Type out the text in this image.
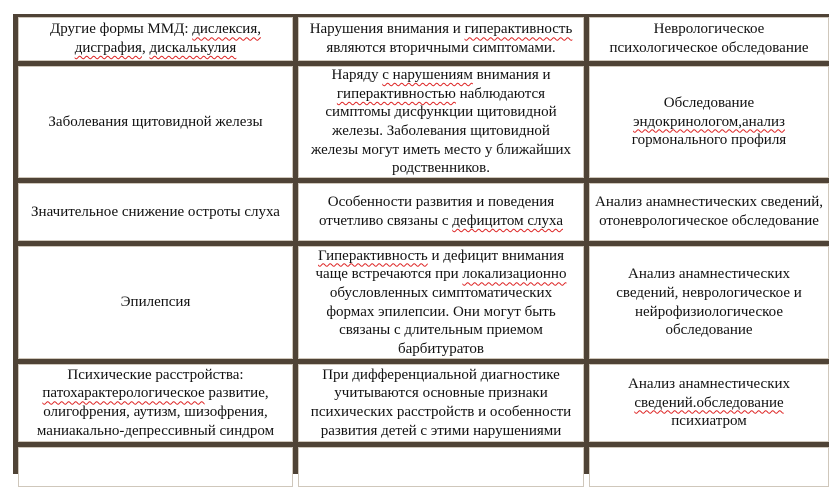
Другие формы ММД: дислексия, дисграфия, дискалькулия
Нарушения внимания и гиперактивность являются вторичными симптомами.
Неврологическое психологическое обследование
Заболевания щитовидной железы
Наряду с нарушениям внимания и гиперактивностью наблюдаются симптомы дисфункции щитовидной железы. Заболевания щитовидной железы могут иметь место у ближайших родственников.
Обследование эндокринологом,анализ гормонального профиля
Значительное снижение остроты слуха
Особенности развития и поведения отчетливо связаны с дефицитом слуха
Анализ анамнестических сведений, отоневрологическое обследование
Эпилепсия
Гиперактивность и дефицит внимания чаще встречаются при локализационно обусловленных симптоматических формах эпилепсии. Они могут быть связаны с длительным приемом барбитуратов
Анализ анамнестических сведений, неврологическое и нейрофизиологическое обследование
Психические расстройства: патохарактерологическое развитие, олигофрения, аутизм, шизофрения, маниакально-депрессивный синдром
При дифференциальной диагностике учитываются основные признаки психических расстройств и особенности развития детей с этими нарушениями
Анализ анамнестических сведений.обследование психиатром
